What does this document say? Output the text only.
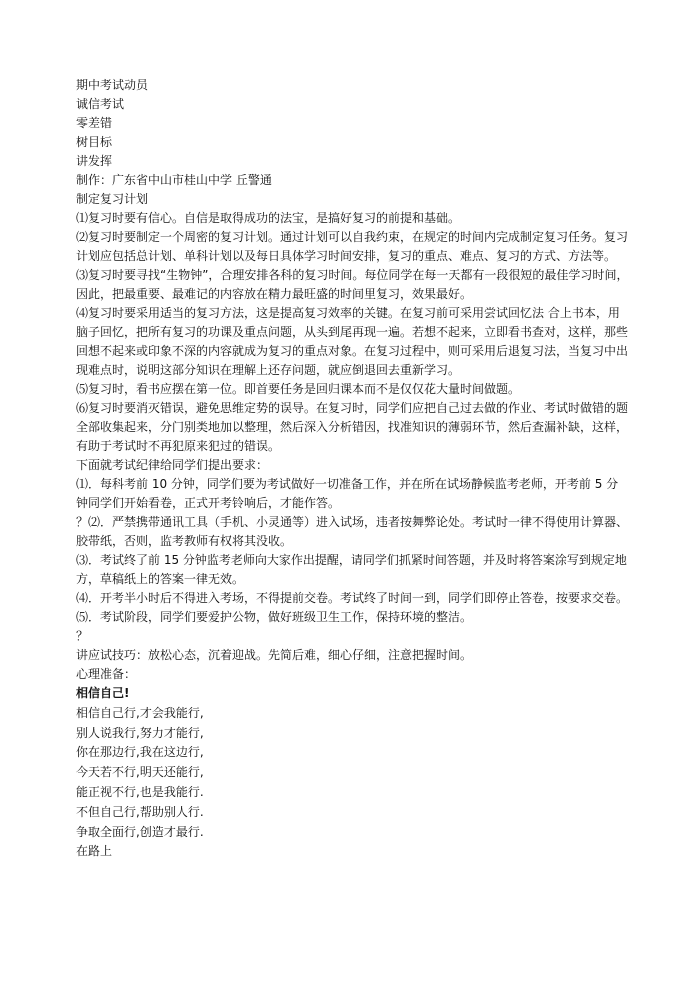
期中考试动员

诚信考试

零差错

树目标

讲发挥

制作：广东省中山市桂山中学 丘警通

制定复习计划

⑴复习时要有信心。自信是取得成功的法宝，是搞好复习的前提和基础。

⑵复习时要制定一个周密的复习计划。通过计划可以自我约束，在规定的时间内完成制定复习任务。复习计划应包括总计划、单科计划以及每日具体学习时间安排，复习的重点、难点、复习的方式、方法等。

⑶复习时要寻找“生物钟”，合理安排各科的复习时间。每位同学在每一天都有一段很短的最佳学习时间，因此，把最重要、最难记的内容放在精力最旺盛的时间里复习，效果最好。

⑷复习时要采用适当的复习方法，这是提高复习效率的关键。在复习前可采用尝试回忆法 合上书本，用脑子回忆，把所有复习的功课及重点问题，从头到尾再现一遍。若想不起来，立即看书查对，这样，那些回想不起来或印象不深的内容就成为复习的重点对象。在复习过程中，则可采用后退复习法，当复习中出现难点时，说明这部分知识在理解上还存问题，就应倒退回去重新学习。

⑸复习时，看书应摆在第一位。即首要任务是回归课本而不是仅仅花大量时间做题。

⑹复习时要消灭错误，避免思维定势的误导。在复习时，同学们应把自己过去做的作业、考试时做错的题全部收集起来，分门别类地加以整理，然后深入分析错因，找准知识的薄弱环节，然后查漏补缺，这样，有助于考试时不再犯原来犯过的错误。

下面就考试纪律给同学们提出要求：

⑴．每科考前 10 分钟，同学们要为考试做好一切准备工作，并在所在试场静候监考老师，开考前 5 分钟同学们开始看卷，正式开考铃响后，才能作答。

？⑵．严禁携带通讯工具（手机、小灵通等）进入试场，违者按舞弊论处。考试时一律不得使用计算器、胶带纸，否则，监考教师有权将其没收。

⑶．考试终了前 15 分钟监考老师向大家作出提醒，请同学们抓紧时间答题，并及时将答案涂写到规定地方，草稿纸上的答案一律无效。

⑷．开考半小时后不得进入考场，不得提前交卷。考试终了时间一到，同学们即停止答卷，按要求交卷。

⑸．考试阶段，同学们要爱护公物，做好班级卫生工作，保持环境的整洁。

？

讲应试技巧：放松心态，沉着迎战。先简后难，细心仔细，注意把握时间。

心理准备：

相信自己!

相信自己行,才会我能行,

别人说我行,努力才能行,

你在那边行,我在这边行,

今天若不行,明天还能行,

能正视不行,也是我能行.

不但自己行,帮助别人行.

争取全面行,创造才最行.

在路上
